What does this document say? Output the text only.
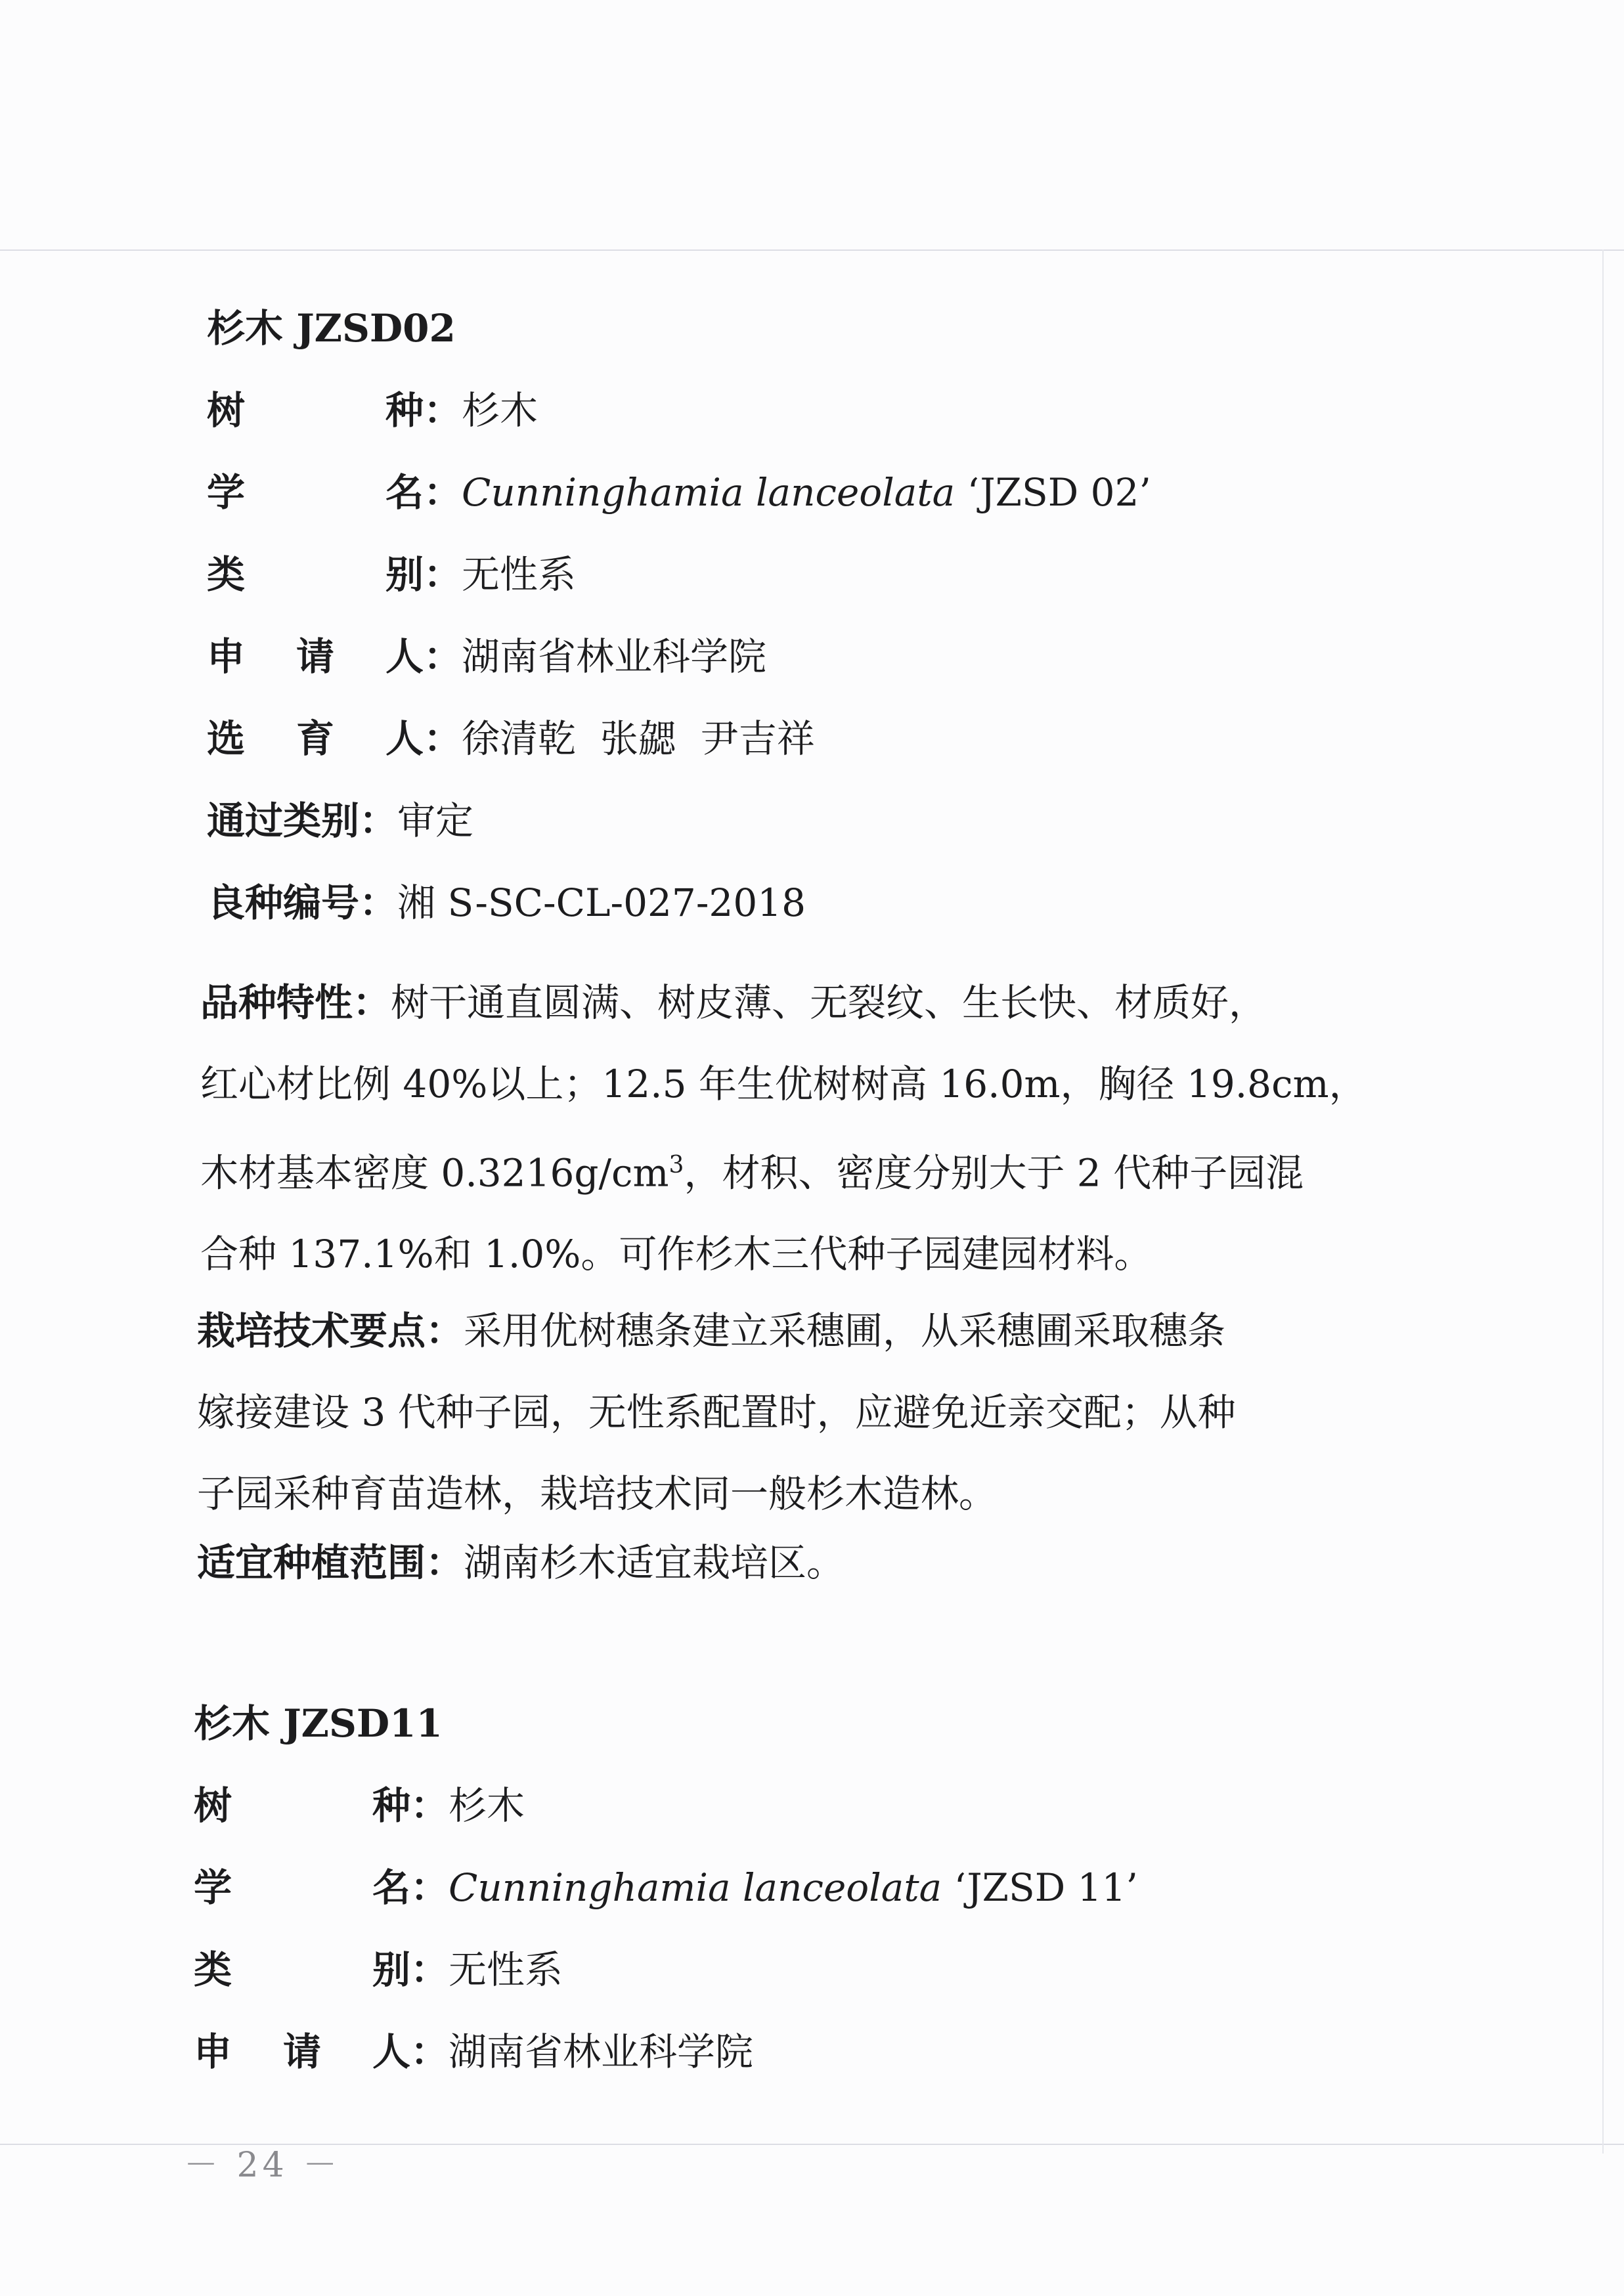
杉木 JZSD02
树	种 ：杉木
学	名 ：Cunninghamia lanceolata ‘JZSD 02’
类	别 ：无性系
申 请 人 ：湖南省林业科学院
选 育 人 ：徐清乾  张勰  尹吉祥
通过类别：审定
良种编号：湘 S-SC-CL-027-2018
品种特性：树干通直圆满、树皮薄、无裂纹、生长快、材质好，
红心材比例 40%以上；12.5 年生优树树高 16.0m，胸径 19.8cm，
木材基本密度 $0.3216g/cm^3$，材积、密度分别大于 2 代种子园混
合种 137.1%和 1.0%。可作杉木三代种子园建园材料。
栽培技术要点：采用优树穗条建立采穗圃，从采穗圃采取穗条
嫁接建设 3 代种子园，无性系配置时，应避免近亲交配；从种
子园采种育苗造林，栽培技术同一般杉木造林。
适宜种植范围：湖南杉木适宜栽培区。
杉木 JZSD11
树	种 ：杉木
学	名 ：Cunninghamia lanceolata ‘JZSD 11’
类	别 ：无性系
申 请 人 ：湖南省林业科学院
－ 24 －
